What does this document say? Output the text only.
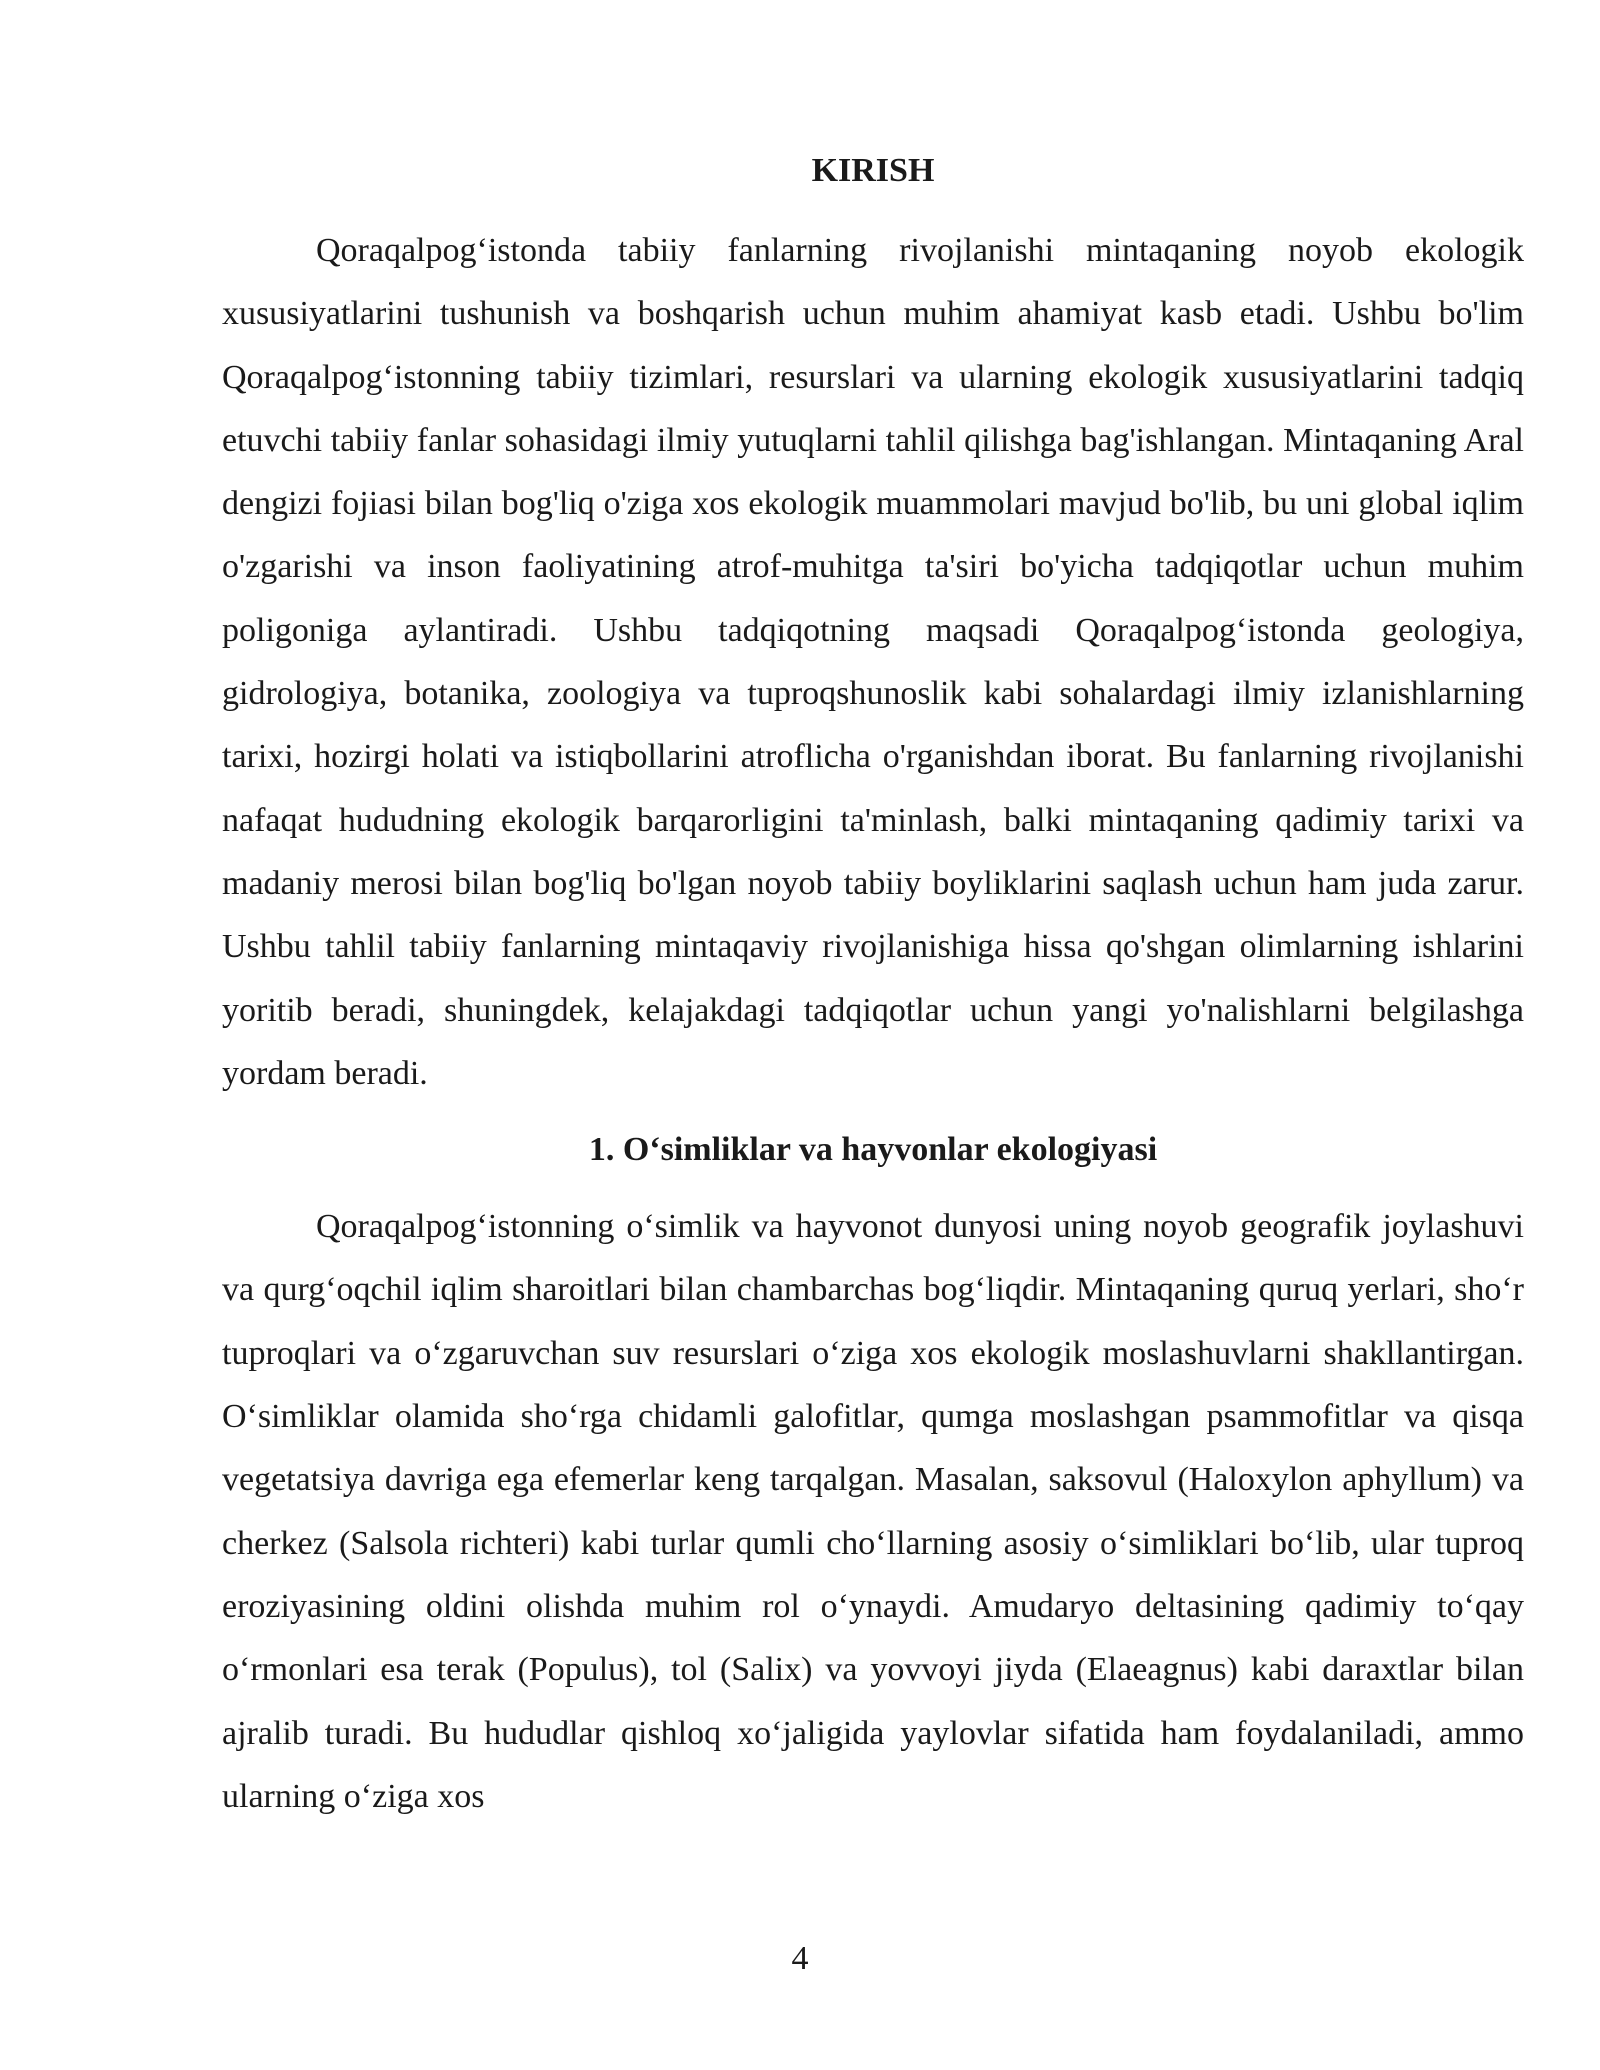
KIRISH

Qoraqalpog‘istonda tabiiy fanlarning rivojlanishi mintaqaning noyob ekologik xususiyatlarini tushunish va boshqarish uchun muhim ahamiyat kasb etadi. Ushbu bo'lim Qoraqalpog‘istonning tabiiy tizimlari, resurslari va ularning ekologik xususiyatlarini tadqiq etuvchi tabiiy fanlar sohasidagi ilmiy yutuqlarni tahlil qilishga bag'ishlangan. Mintaqaning Aral dengizi fojiasi bilan bog'liq o'ziga xos ekologik muammolari mavjud bo'lib, bu uni global iqlim o'zgarishi va inson faoliyatining atrof-muhitga ta'siri bo'yicha tadqiqotlar uchun muhim poligoniga aylantiradi. Ushbu tadqiqotning maqsadi Qoraqalpog‘istonda geologiya, gidrologiya, botanika, zoologiya va tuproqshunoslik kabi sohalardagi ilmiy izlanishlarning tarixi, hozirgi holati va istiqbollarini atroflicha o'rganishdan iborat. Bu fanlarning rivojlanishi nafaqat hududning ekologik barqarorligini ta'minlash, balki mintaqaning qadimiy tarixi va madaniy merosi bilan bog'liq bo'lgan noyob tabiiy boyliklarini saqlash uchun ham juda zarur. Ushbu tahlil tabiiy fanlarning mintaqaviy rivojlanishiga hissa qo'shgan olimlarning ishlarini yoritib beradi, shuningdek, kelajakdagi tadqiqotlar uchun yangi yo'nalishlarni belgilashga yordam beradi.

1. O‘simliklar va hayvonlar ekologiyasi

Qoraqalpog‘istonning o‘simlik va hayvonot dunyosi uning noyob geografik joylashuvi va qurg‘oqchil iqlim sharoitlari bilan chambarchas bog‘liqdir. Mintaqaning quruq yerlari, sho‘r tuproqlari va o‘zgaruvchan suv resurslari o‘ziga xos ekologik moslashuvlarni shakllantirgan. O‘simliklar olamida sho‘rga chidamli galofitlar, qumga moslashgan psammofitlar va qisqa vegetatsiya davriga ega efemerlar keng tarqalgan. Masalan, saksovul (Haloxylon aphyllum) va cherkez (Salsola richteri) kabi turlar qumli cho‘llarning asosiy o‘simliklari bo‘lib, ular tuproq eroziyasining oldini olishda muhim rol o‘ynaydi. Amudaryo deltasining qadimiy to‘qay o‘rmonlari esa terak (Populus), tol (Salix) va yovvoyi jiyda (Elaeagnus) kabi daraxtlar bilan ajralib turadi. Bu hududlar qishloq xo‘jaligida yaylovlar sifatida ham foydalaniladi, ammo ularning o‘ziga xos

4
